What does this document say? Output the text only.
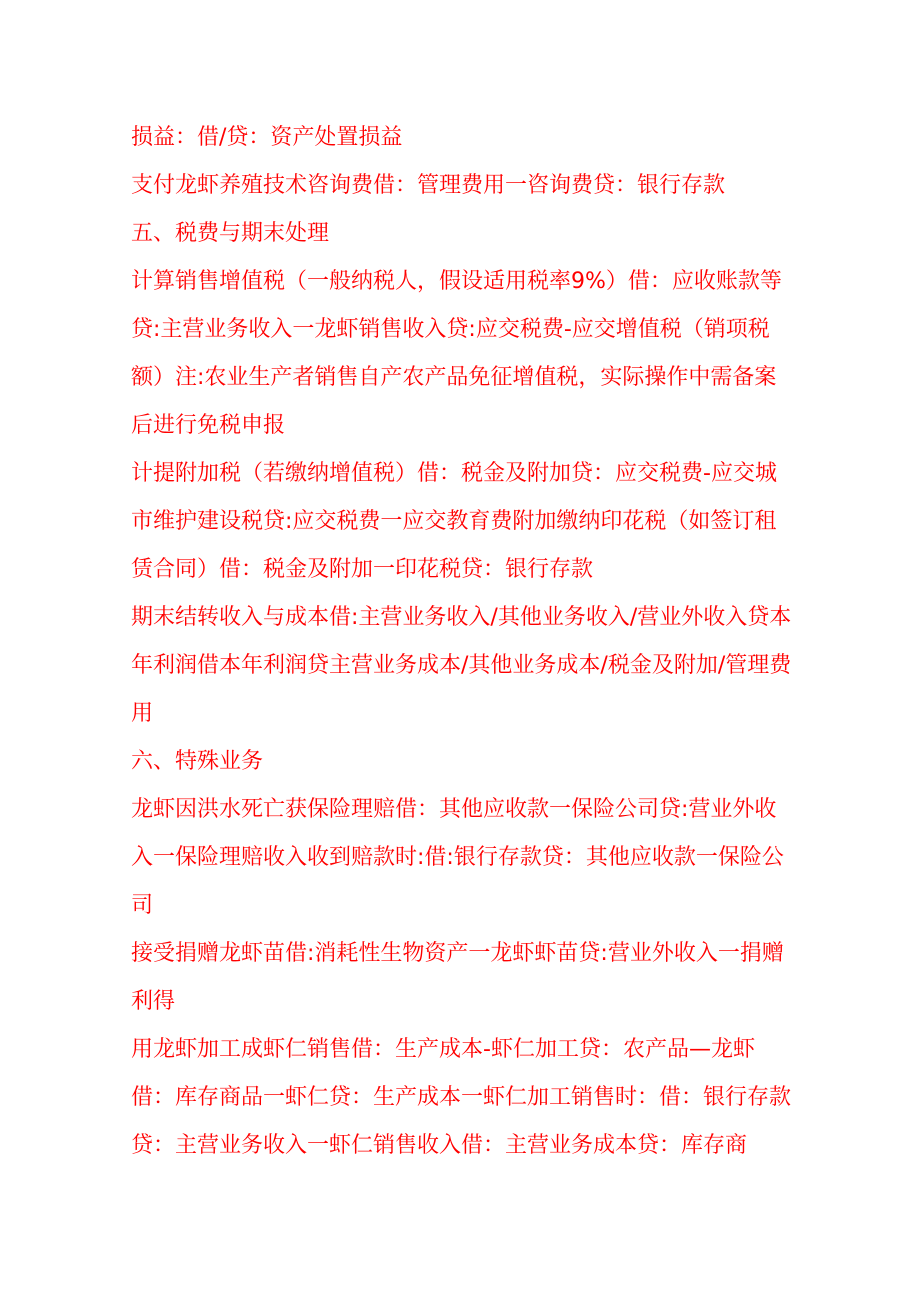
损益：借/贷：资产处置损益

支付龙虾养殖技术咨询费借：管理费用一咨询费贷：银行存款

五、税费与期末处理

计算销售增值税（一般纳税人，假设适用税率9%）借：应收账款等贷:主营业务收入一龙虾销售收入贷:应交税费-应交增值税（销项税额）注:农业生产者销售自产农产品免征增值税，实际操作中需备案后进行免税申报

计提附加税（若缴纳增值税）借：税金及附加贷：应交税费-应交城市维护建设税贷:应交税费一应交教育费附加缴纳印花税（如签订租赁合同）借：税金及附加一印花税贷：银行存款

期末结转收入与成本借:主营业务收入/其他业务收入/营业外收入贷本年利润借本年利润贷主营业务成本/其他业务成本/税金及附加/管理费用

六、特殊业务

龙虾因洪水死亡获保险理赔借：其他应收款一保险公司贷:营业外收入一保险理赔收入收到赔款时:借:银行存款贷：其他应收款一保险公司

接受捐赠龙虾苗借:消耗性生物资产一龙虾虾苗贷:营业外收入一捐赠利得

用龙虾加工成虾仁销售借：生产成本-虾仁加工贷：农产品—龙虾借：库存商品一虾仁贷：生产成本一虾仁加工销售时：借：银行存款贷：主营业务收入一虾仁销售收入借：主营业务成本贷：库存商
